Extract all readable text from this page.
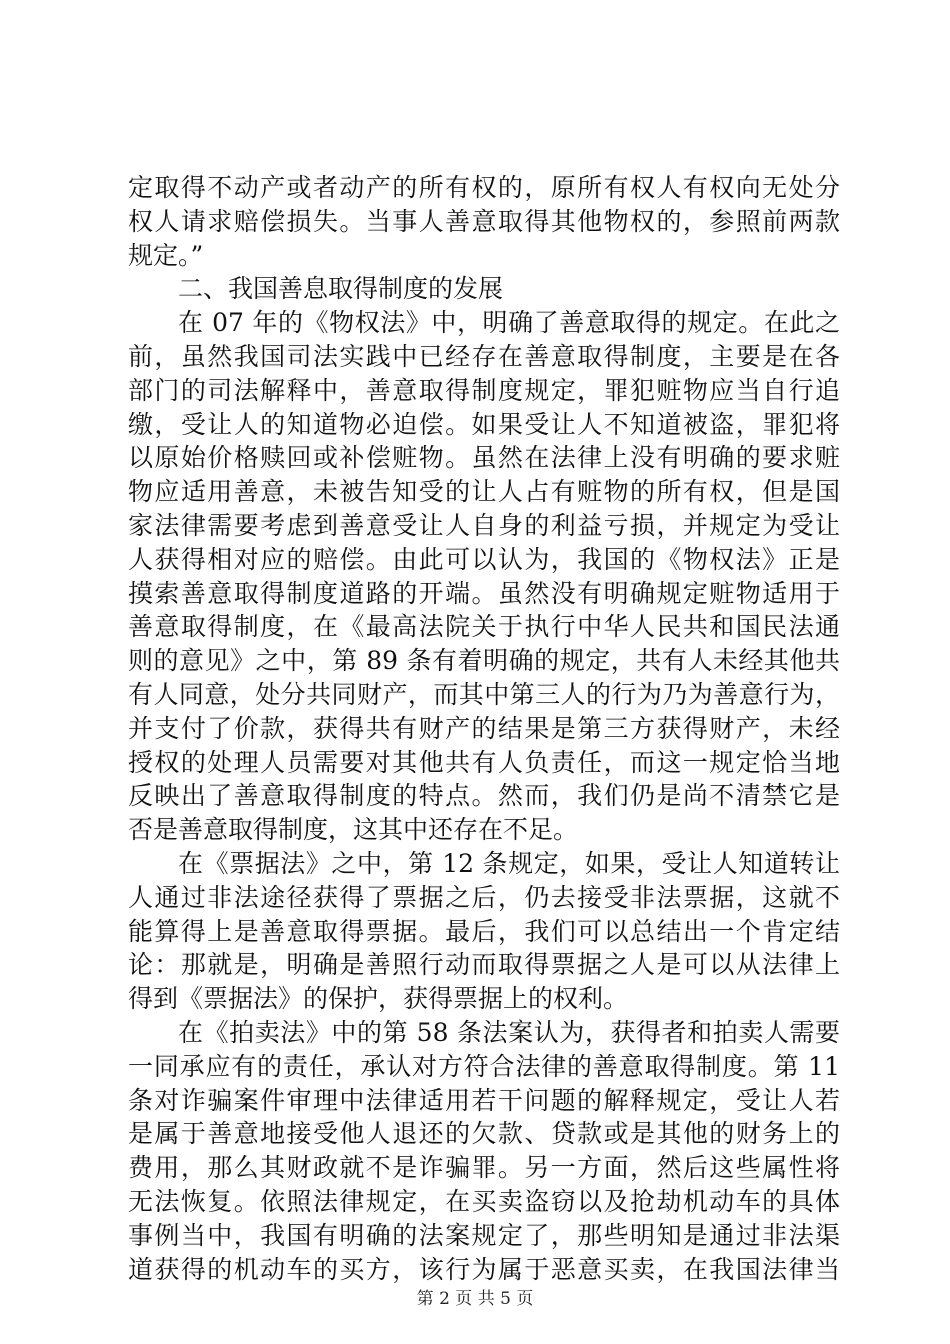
定取得不动产或者动产的所有权的，原所有权人有权向无处分
权人请求赔偿损失。当事人善意取得其他物权的，参照前两款
规定。”
二、我国善息取得制度的发展
在 07 年的《物权法》中，明确了善意取得的规定。在此之
前，虽然我国司法实践中已经存在善意取得制度，主要是在各
部门的司法解释中，善意取得制度规定，罪犯赃物应当自行追
缴，受让人的知道物必迫偿。如果受让人不知道被盗，罪犯将
以原始价格赎回或补偿赃物。虽然在法律上没有明确的要求赃
物应适用善意，未被告知受的让人占有赃物的所有权，但是国
家法律需要考虑到善意受让人自身的利益亏损，并规定为受让
人获得相对应的赔偿。由此可以认为，我国的《物权法》正是
摸索善意取得制度道路的开端。虽然没有明确规定赃物适用于
善意取得制度，在《最高法院关于执行中华人民共和国民法通
则的意见》之中，第 89 条有着明确的规定，共有人未经其他共
有人同意，处分共同财产，而其中第三人的行为乃为善意行为，
并支付了价款，获得共有财产的结果是第三方获得财产，未经
授权的处理人员需要对其他共有人负责任，而这一规定恰当地
反映出了善意取得制度的特点。然而，我们仍是尚不清禁它是
否是善意取得制度，这其中还存在不足。
在《票据法》之中，第 12 条规定，如果，受让人知道转让
人通过非法途径获得了票据之后，仍去接受非法票据，这就不
能算得上是善意取得票据。最后，我们可以总结出一个肯定结
论：那就是，明确是善照行动而取得票据之人是可以从法律上
得到《票据法》的保护，获得票据上的权利。
在《拍卖法》中的第 58 条法案认为，获得者和拍卖人需要
一同承应有的责任，承认对方符合法律的善意取得制度。第 11
条对诈骗案件审理中法律适用若干问题的解释规定，受让人若
是属于善意地接受他人退还的欠款、贷款或是其他的财务上的
费用，那么其财政就不是诈骗罪。另一方面，然后这些属性将
无法恢复。依照法律规定，在买卖盗窃以及抢劫机动车的具体
事例当中，我国有明确的法案规定了，那些明知是通过非法渠
道获得的机动车的买方，该行为属于恶意买卖，在我国法律当
第 2 页 共 5 页
